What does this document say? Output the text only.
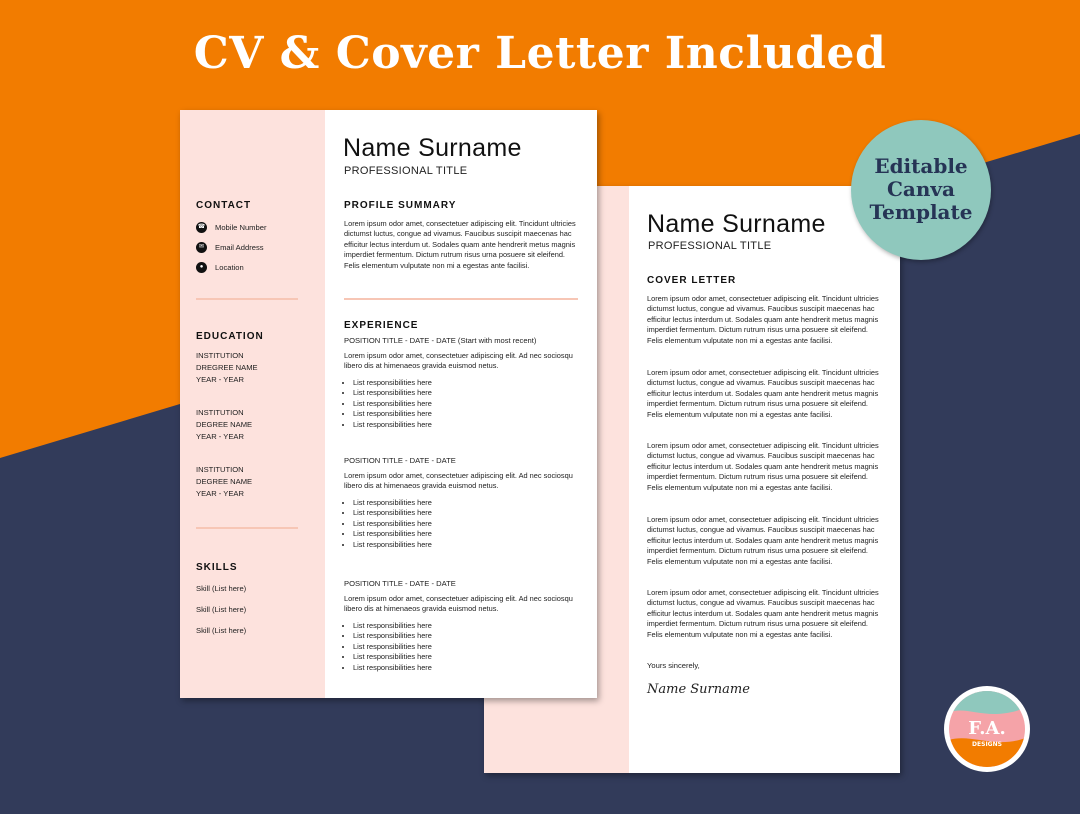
CV & Cover Letter Included
Name Surname
PROFESSIONAL TITLE
CONTACT
☎ Mobile Number
✉	Email Address
●	Location
EDUCATION
INSTITUTION
DREGREE NAME
YEAR - YEAR
INSTITUTION
DEGREE NAME
YEAR - YEAR
INSTITUTION
DEGREE NAME
YEAR - YEAR
SKILLS
Skill (List here)
Skill (List here)
Skill (List here)
PROFILE SUMMARY
Lorem ipsum odor amet, consectetuer adipiscing elit. Tincidunt ultricies dictumst luctus, congue ad vivamus. Faucibus suscipit maecenas hac efficitur lectus interdum ut. Sodales quam ante hendrerit metus magnis imperdiet fermentum. Dictum rutrum risus urna posuere sit eleifend. Felis elementum vulputate non mi a egestas ante facilisi.
EXPERIENCE
POSITION TITLE - DATE - DATE (Start with most recent)
Lorem ipsum odor amet, consectetuer adipiscing elit. Ad nec sociosqu libero dis at himenaeos gravida euismod netus.
• List responsibilities here
• List responsibilities here
• List responsibilities here
• List responsibilities here
• List responsibilities here
POSITION TITLE - DATE - DATE
Lorem ipsum odor amet, consectetuer adipiscing elit. Ad nec sociosqu libero dis at himenaeos gravida euismod netus.
• List responsibilities here
• List responsibilities here
• List responsibilities here
• List responsibilities here
• List responsibilities here
POSITION TITLE - DATE - DATE
Lorem ipsum odor amet, consectetuer adipiscing elit. Ad nec sociosqu libero dis at himenaeos gravida euismod netus.
• List responsibilities here
• List responsibilities here
• List responsibilities here
• List responsibilities here
• List responsibilities here
Name Surname
PROFESSIONAL TITLE
COVER LETTER
Lorem ipsum odor amet, consectetuer adipiscing elit. Tincidunt ultricies dictumst luctus, congue ad vivamus. Faucibus suscipit maecenas hac efficitur lectus interdum ut. Sodales quam ante hendrerit metus magnis imperdiet fermentum. Dictum rutrum risus urna posuere sit eleifend. Felis elementum vulputate non mi a egestas ante facilisi.
Lorem ipsum odor amet, consectetuer adipiscing elit. Tincidunt ultricies dictumst luctus, congue ad vivamus. Faucibus suscipit maecenas hac efficitur lectus interdum ut. Sodales quam ante hendrerit metus magnis imperdiet fermentum. Dictum rutrum risus urna posuere sit eleifend. Felis elementum vulputate non mi a egestas ante facilisi.
Lorem ipsum odor amet, consectetuer adipiscing elit. Tincidunt ultricies dictumst luctus, congue ad vivamus. Faucibus suscipit maecenas hac efficitur lectus interdum ut. Sodales quam ante hendrerit metus magnis imperdiet fermentum. Dictum rutrum risus urna posuere sit eleifend. Felis elementum vulputate non mi a egestas ante facilisi.
Lorem ipsum odor amet, consectetuer adipiscing elit. Tincidunt ultricies dictumst luctus, congue ad vivamus. Faucibus suscipit maecenas hac efficitur lectus interdum ut. Sodales quam ante hendrerit metus magnis imperdiet fermentum. Dictum rutrum risus urna posuere sit eleifend. Felis elementum vulputate non mi a egestas ante facilisi.
Lorem ipsum odor amet, consectetuer adipiscing elit. Tincidunt ultricies dictumst luctus, congue ad vivamus. Faucibus suscipit maecenas hac efficitur lectus interdum ut. Sodales quam ante hendrerit metus magnis imperdiet fermentum. Dictum rutrum risus urna posuere sit eleifend. Felis elementum vulputate non mi a egestas ante facilisi.
Yours sincerely,
Name Surname
Editable
Canva
Template
F.A.
DESIGNS
